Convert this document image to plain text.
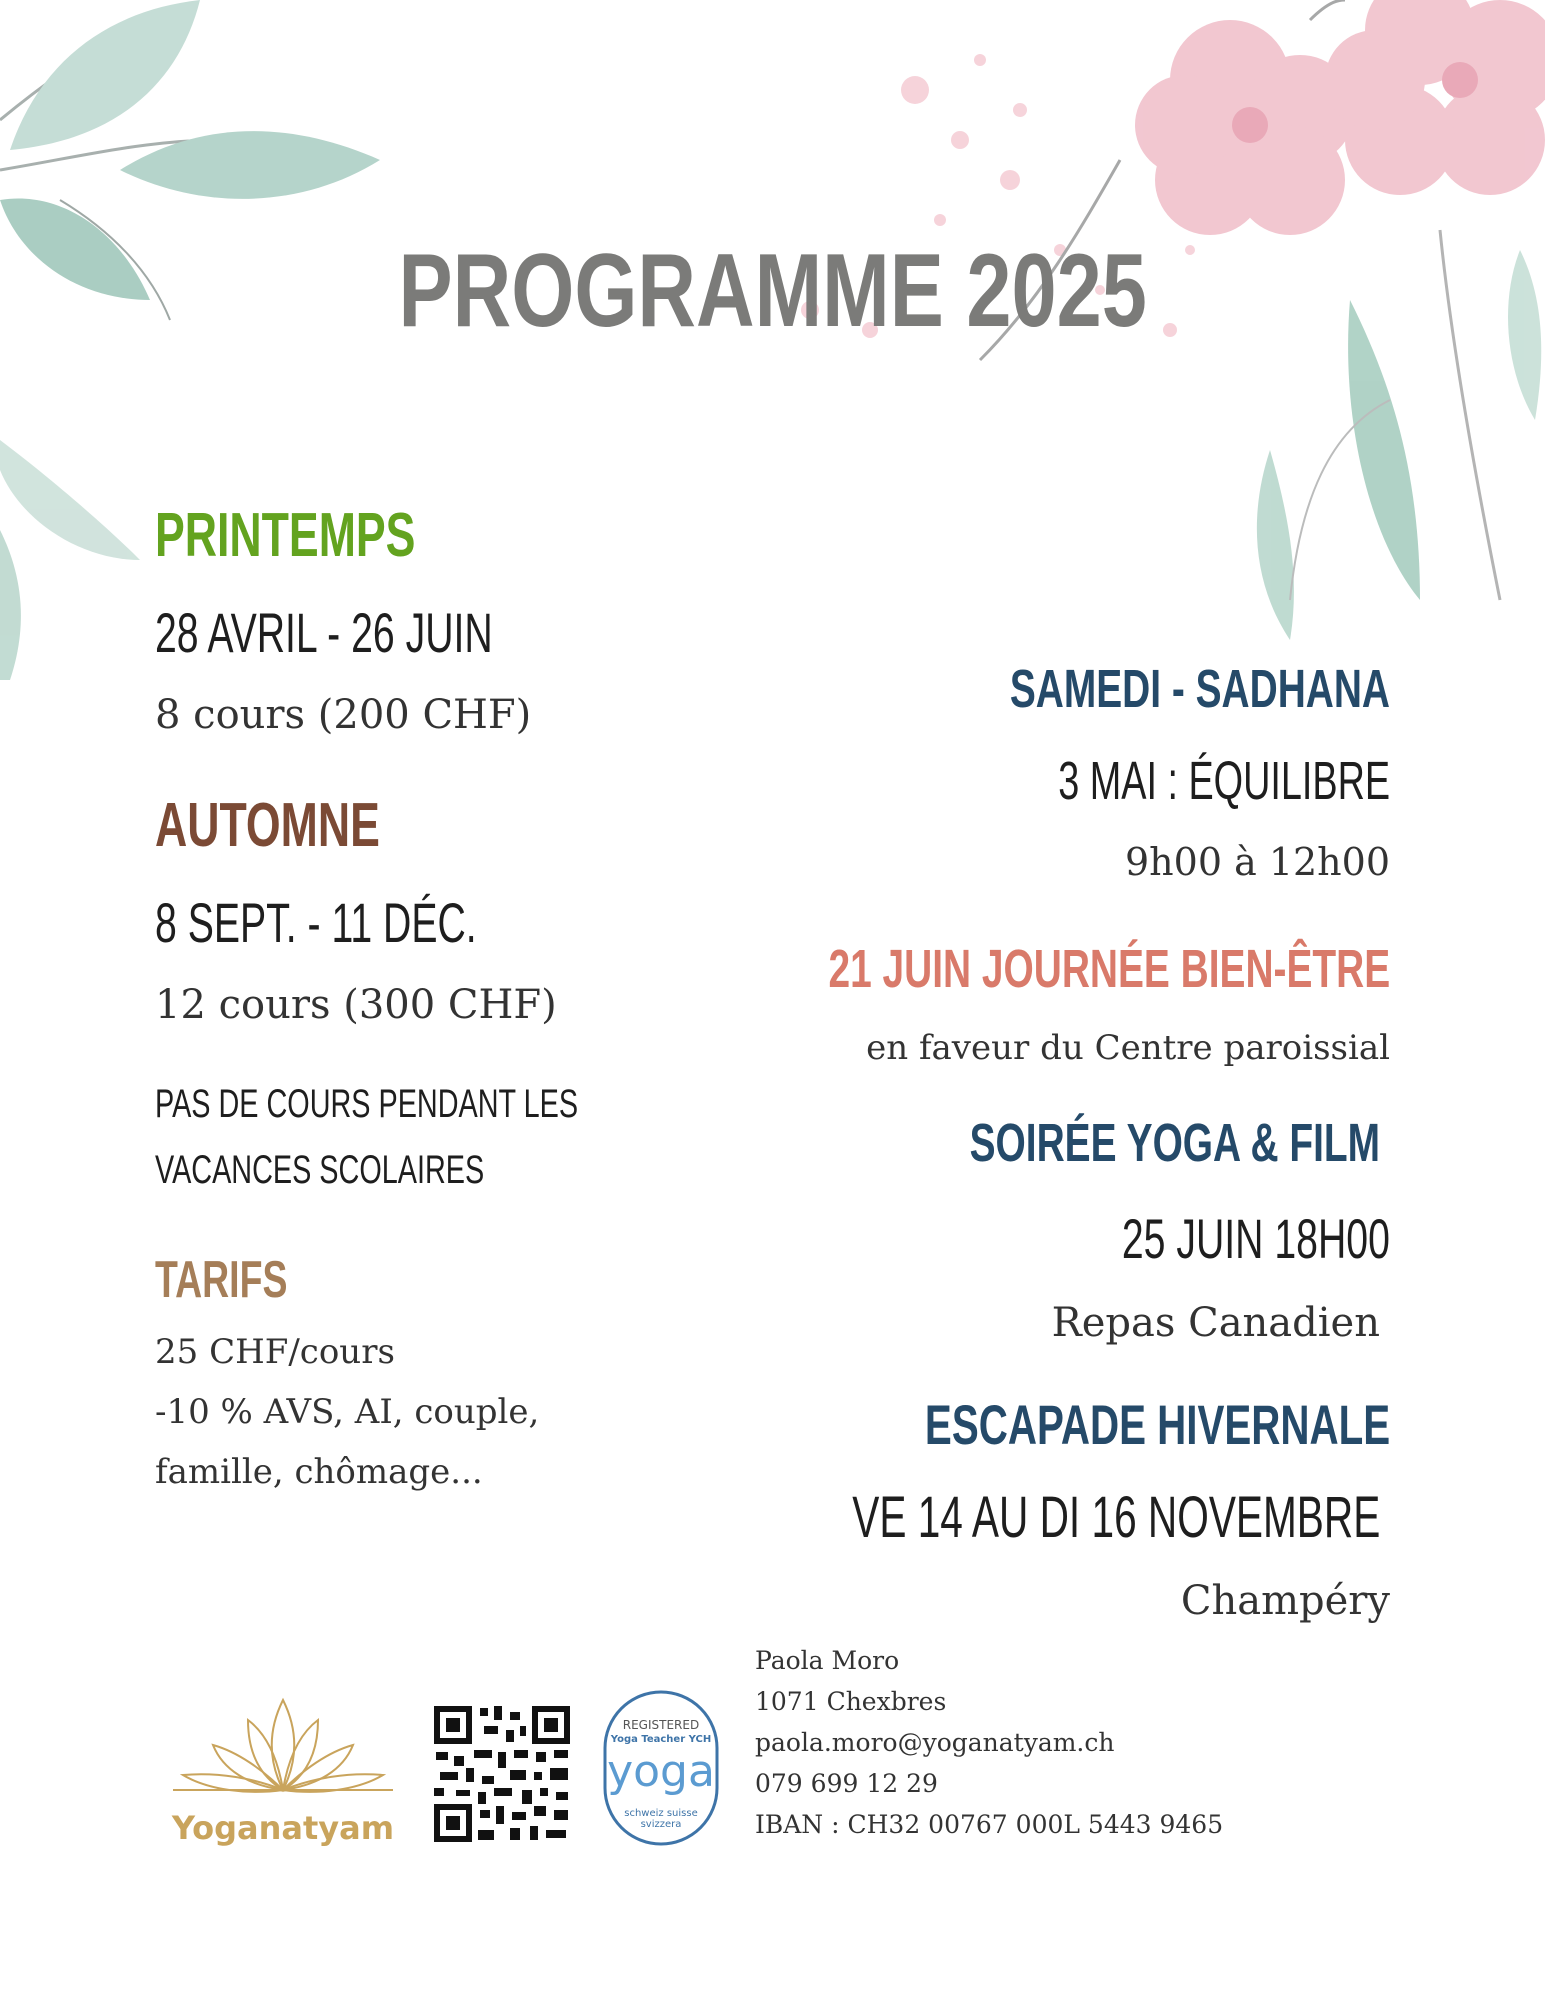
PROGRAMME 2025
PRINTEMPS
28 AVRIL - 26 JUIN
8 cours (200 CHF)
AUTOMNE
8 SEPT. - 11 DÉC.
12 cours (300 CHF)
PAS DE COURS PENDANT LES
VACANCES SCOLAIRES
TARIFS
25 CHF/cours
-10 % AVS, AI, couple,
famille, chômage...
SAMEDI - SADHANA
3 MAI : ÉQUILIBRE
9h00 à 12h00
21 JUIN JOURNÉE BIEN-ÊTRE
en faveur du Centre paroissial
SOIRÉE YOGA & FILM
25 JUIN 18H00
Repas Canadien
ESCAPADE HIVERNALE
VE 14 AU DI 16 NOVEMBRE
Champéry
Yoganatyam
REGISTERED
Yoga Teacher YCH
yoga
schweiz suisse svizzera
Paola Moro
1071 Chexbres
paola.moro@yoganatyam.ch
079 699 12 29
IBAN : CH32 00767 000L 5443 9465
